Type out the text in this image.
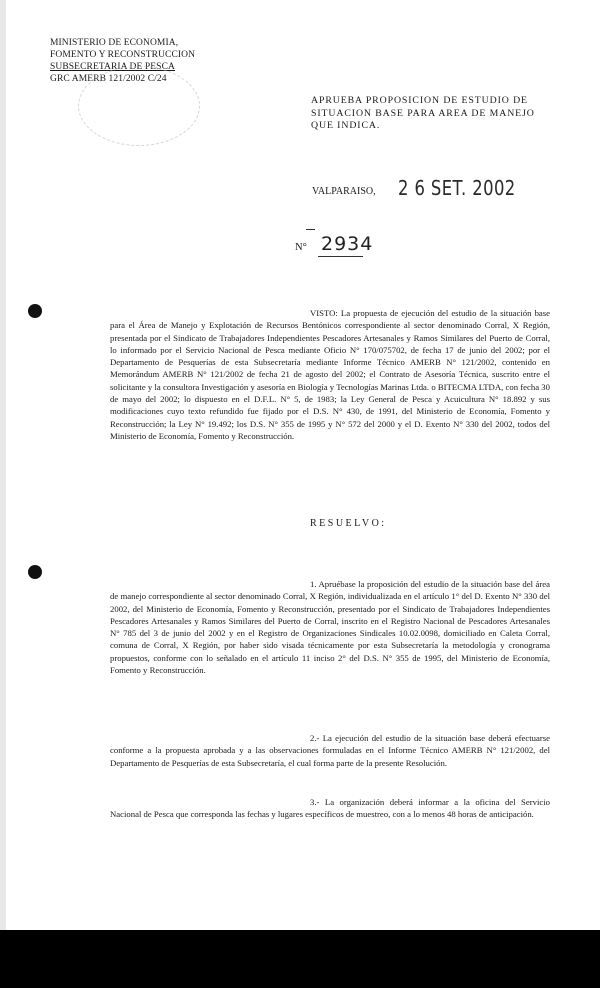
MINISTERIO DE ECONOMIA,
FOMENTO Y RECONSTRUCCION
SUBSECRETARIA DE PESCA
GRC AMERB 121/2002 C/24
APRUEBA PROPOSICION DE ESTUDIO DE SITUACION BASE PARA AREA DE MANEJO QUE INDICA.
VALPARAISO, 2 6 SET. 2002
N° 2934
VISTO: La propuesta de ejecución del estudio de la situación base para el Área de Manejo y Explotación de Recursos Bentónicos correspondiente al sector denominado Corral, X Región, presentada por el Sindicato de Trabajadores Independientes Pescadores Artesanales y Ramos Similares del Puerto de Corral, lo informado por el Servicio Nacional de Pesca mediante Oficio N° 170/075702, de fecha 17 de junio del 2002; por el Departamento de Pesquerías de esta Subsecretaría mediante Informe Técnico AMERB N° 121/2002, contenido en Memorándum AMERB N° 121/2002 de fecha 21 de agosto del 2002; el Contrato de Asesoría Técnica, suscrito entre el solicitante y la consultora Investigación y asesoría en Biología y Tecnologías Marinas Ltda. o BITECMA LTDA, con fecha 30 de mayo del 2002; lo dispuesto en el D.F.L. N° 5, de 1983; la Ley General de Pesca y Acuicultura N° 18.892 y sus modificaciones cuyo texto refundido fue fijado por el D.S. N° 430, de 1991, del Ministerio de Economía, Fomento y Reconstrucción; la Ley N° 19.492; los D.S. N° 355 de 1995 y N° 572 del 2000 y el D. Exento N° 330 del 2002, todos del Ministerio de Economía, Fomento y Reconstrucción.
RESUELVO:
1. Apruébase la proposición del estudio de la situación base del área de manejo correspondiente al sector denominado Corral, X Región, individualizada en el artículo 1° del D. Exento N° 330 del 2002, del Ministerio de Economía, Fomento y Reconstrucción, presentado por el Sindicato de Trabajadores Independientes Pescadores Artesanales y Ramos Similares del Puerto de Corral, inscrito en el Registro Nacional de Pescadores Artesanales N° 785 del 3 de junio del 2002 y en el Registro de Organizaciones Sindicales 10.02.0098, domiciliado en Caleta Corral, comuna de Corral, X Región, por haber sido visada técnicamente por esta Subsecretaría la metodología y cronograma propuestos, conforme con lo señalado en el artículo 11 inciso 2° del D.S. N° 355 de 1995, del Ministerio de Economía, Fomento y Reconstrucción.
2.- La ejecución del estudio de la situación base deberá efectuarse conforme a la propuesta aprobada y a las observaciones formuladas en el Informe Técnico AMERB N° 121/2002, del Departamento de Pesquerías de esta Subsecretaría, el cual forma parte de la presente Resolución.
3.- La organización deberá informar a la oficina del Servicio Nacional de Pesca que corresponda las fechas y lugares específicos de muestreo, con a lo menos 48 horas de anticipación.
